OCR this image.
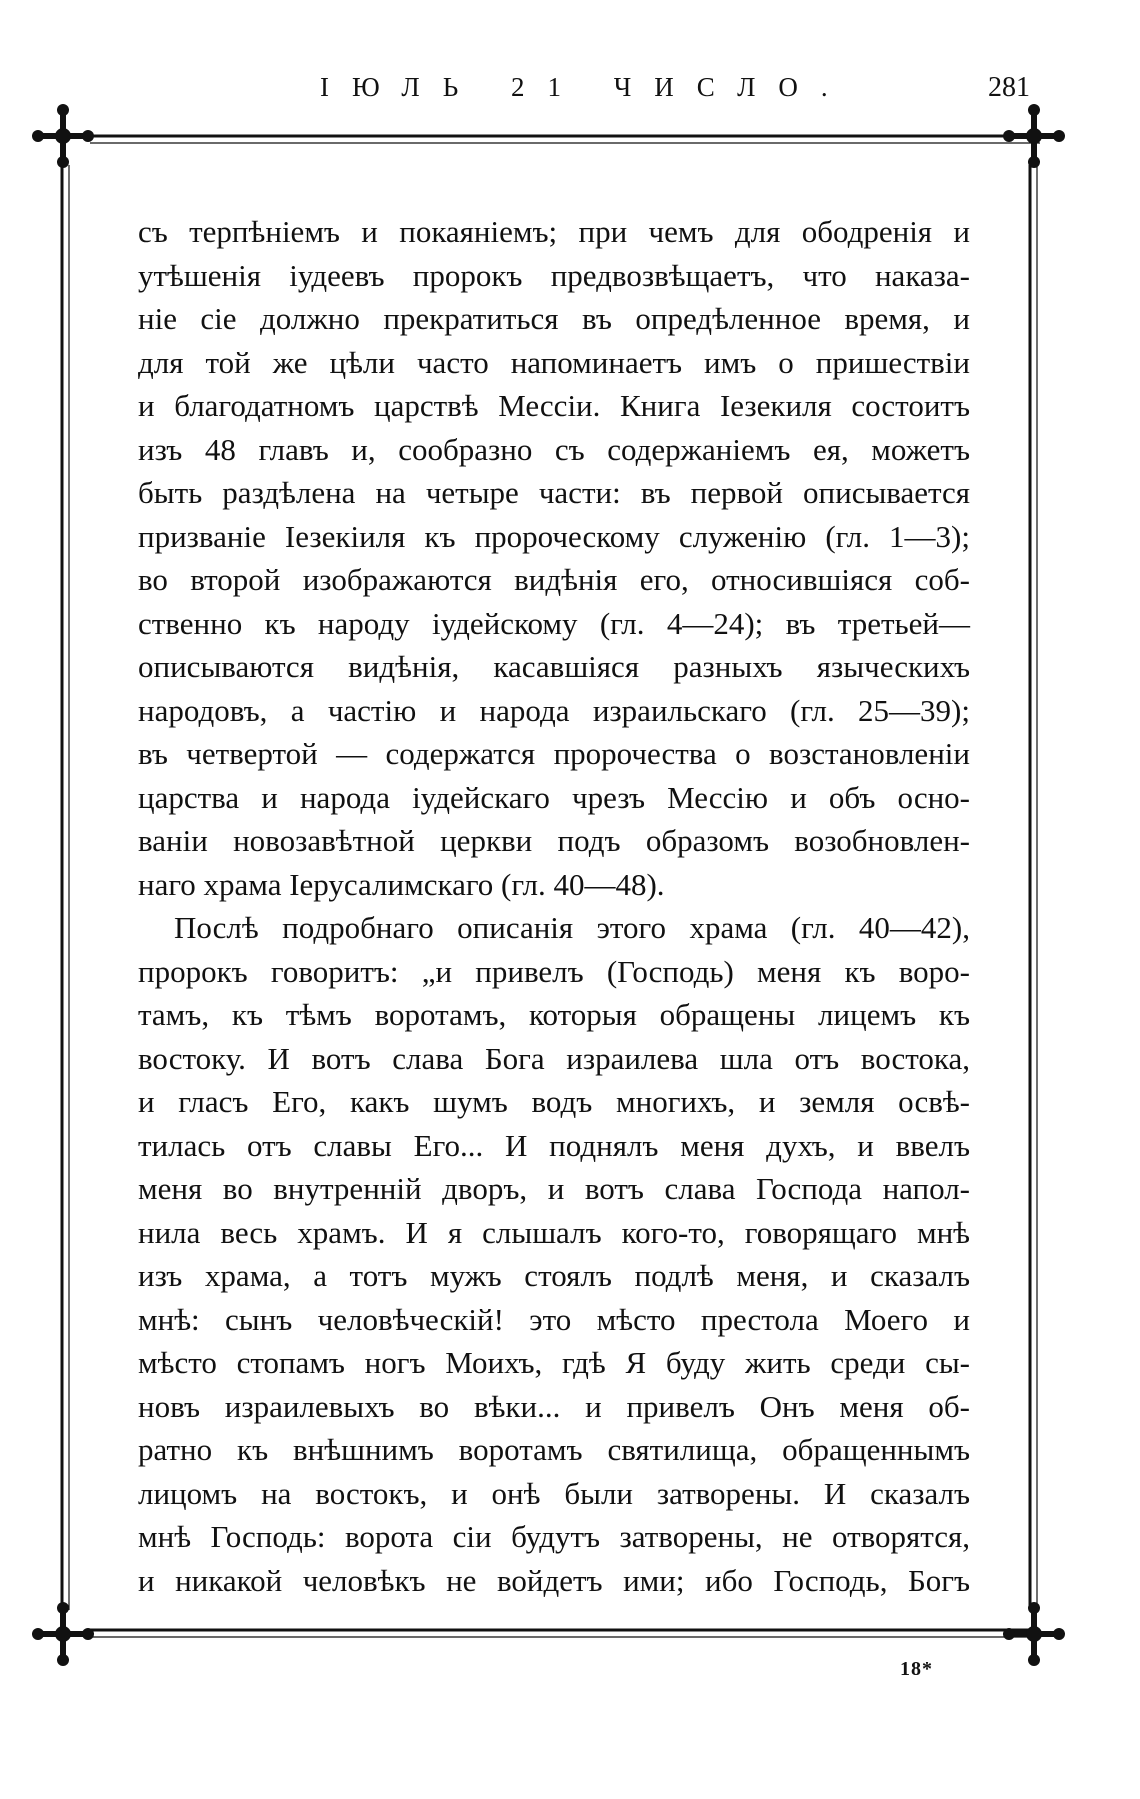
ІЮЛЬ 21 ЧИСЛО.	281

съ терпѣніемъ и покаяніемъ; при чемъ для ободренія и
утѣшенія іудеевъ пророкъ предвозвѣщаетъ, что наказа-
ніе сіе должно прекратиться въ опредѣленное время, и
для той же цѣли часто напоминаетъ имъ о пришествіи
и благодатномъ царствѣ Мессіи. Книга Іезекиля состоитъ
изъ 48 главъ и, сообразно съ содержаніемъ ея, можетъ
быть раздѣлена на четыре части: въ первой описывается
призваніе Іезекіиля къ пророческому служенію (гл. 1—3);
во второй изображаются видѣнія его, относившіяся соб-
ственно къ народу іудейскому (гл. 4—24); въ третьей—
описываются видѣнія, касавшіяся разныхъ языческихъ
народовъ, а частію и народа израильскаго (гл. 25—39);
въ четвертой — содержатся пророчества о возстановленіи
царства и народа іудейскаго чрезъ Мессію и объ осно-
ваніи новозавѣтной церкви подъ образомъ возобновлен-
наго храма Іерусалимскаго (гл. 40—48).

Послѣ подробнаго описанія этого храма (гл. 40—42),
пророкъ говоритъ: „и привелъ (Господь) меня къ воро-
тамъ, къ тѣмъ воротамъ, которыя обращены лицемъ къ
востоку. И вотъ слава Бога израилева шла отъ востока,
и гласъ Его, какъ шумъ водъ многихъ, и земля освѣ-
тилась отъ славы Его... И поднялъ меня духъ, и ввелъ
меня во внутренній дворъ, и вотъ слава Господа напол-
нила весь храмъ. И я слышалъ кого-то, говорящаго мнѣ
изъ храма, а тотъ мужъ стоялъ подлѣ меня, и сказалъ
мнѣ: сынъ человѣческій! это мѣсто престола Моего и
мѣсто стопамъ ногъ Моихъ, гдѣ Я буду жить среди сы-
новъ израилевыхъ во вѣки... и привелъ Онъ меня об-
ратно къ внѣшнимъ воротамъ святилища, обращеннымъ
лицомъ на востокъ, и онѣ были затворены. И сказалъ
мнѣ Господь: ворота сіи будутъ затворены, не отворятся,
и никакой человѣкъ не войдетъ ими; ибо Господь, Богъ

18*
